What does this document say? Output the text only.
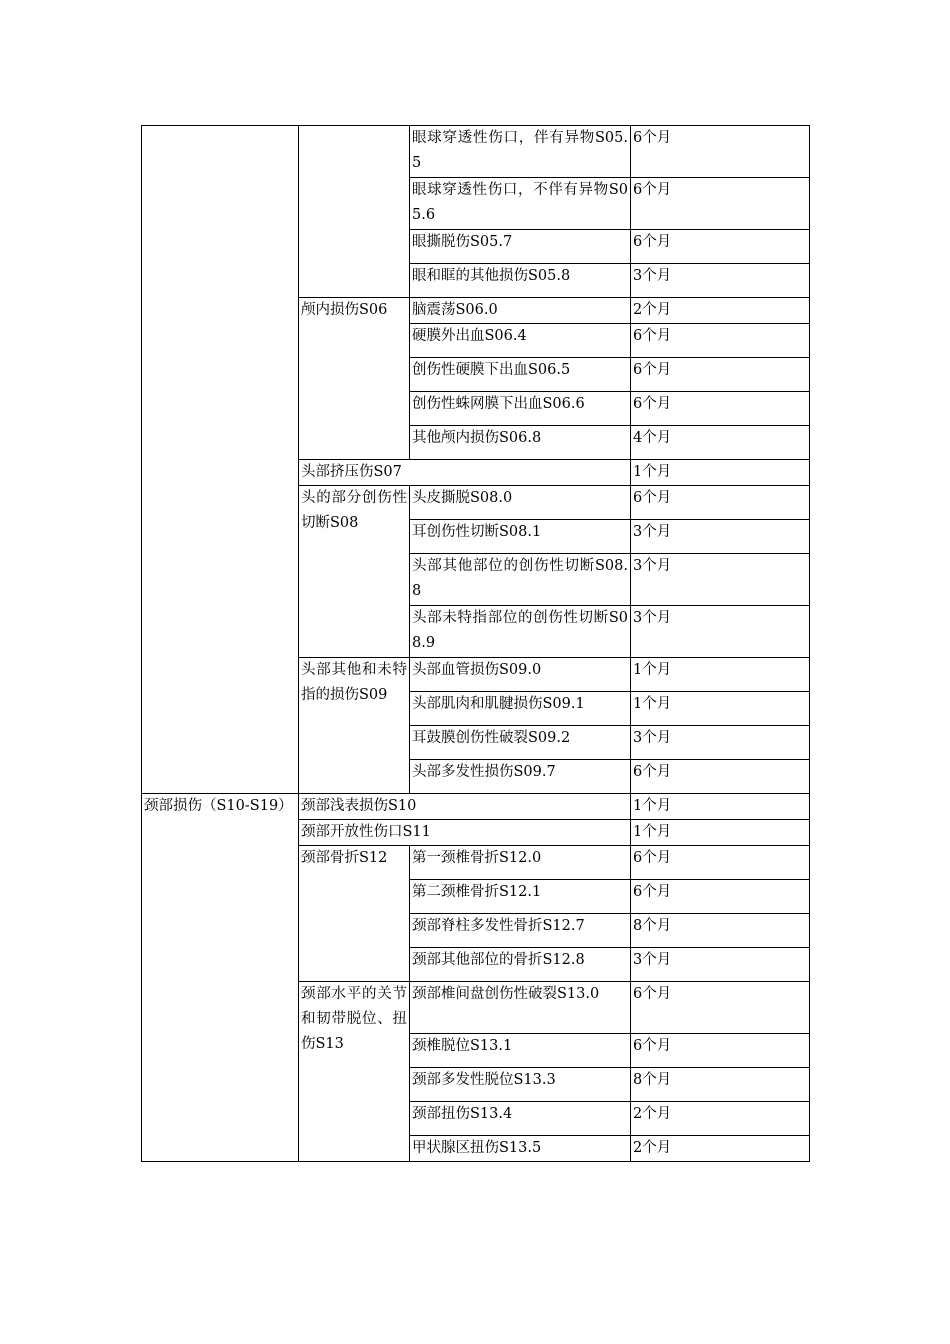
		眼球穿透性伤口，伴有异物S05.5	6个月
		眼球穿透性伤口，不伴有异物S05.6	6个月
		眼撕脱伤S05.7	6个月
		眼和眶的其他损伤S05.8	3个月
	颅内损伤S06	脑震荡S06.0	2个月
		硬膜外出血S06.4	6个月
		创伤性硬膜下出血S06.5	6个月
		创伤性蛛网膜下出血S06.6	6个月
		其他颅内损伤S06.8	4个月
	头部挤压伤S07		1个月
	头的部分创伤性切断S08	头皮撕脱S08.0	6个月
		耳创伤性切断S08.1	3个月
		头部其他部位的创伤性切断S08.8	3个月
		头部未特指部位的创伤性切断S08.9	3个月
	头部其他和未特指的损伤S09	头部血管损伤S09.0	1个月
		头部肌肉和肌腱损伤S09.1	1个月
		耳鼓膜创伤性破裂S09.2	3个月
		头部多发性损伤S09.7	6个月
颈部损伤（S10-S19）	颈部浅表损伤S10		1个月
	颈部开放性伤口S11		1个月
	颈部骨折S12	第一颈椎骨折S12.0	6个月
		第二颈椎骨折S12.1	6个月
		颈部脊柱多发性骨折S12.7	8个月
		颈部其他部位的骨折S12.8	3个月
	颈部水平的关节和韧带脱位、扭伤S13	颈部椎间盘创伤性破裂S13.0	6个月
		颈椎脱位S13.1	6个月
		颈部多发性脱位S13.3	8个月
		颈部扭伤S13.4	2个月
		甲状腺区扭伤S13.5	2个月
